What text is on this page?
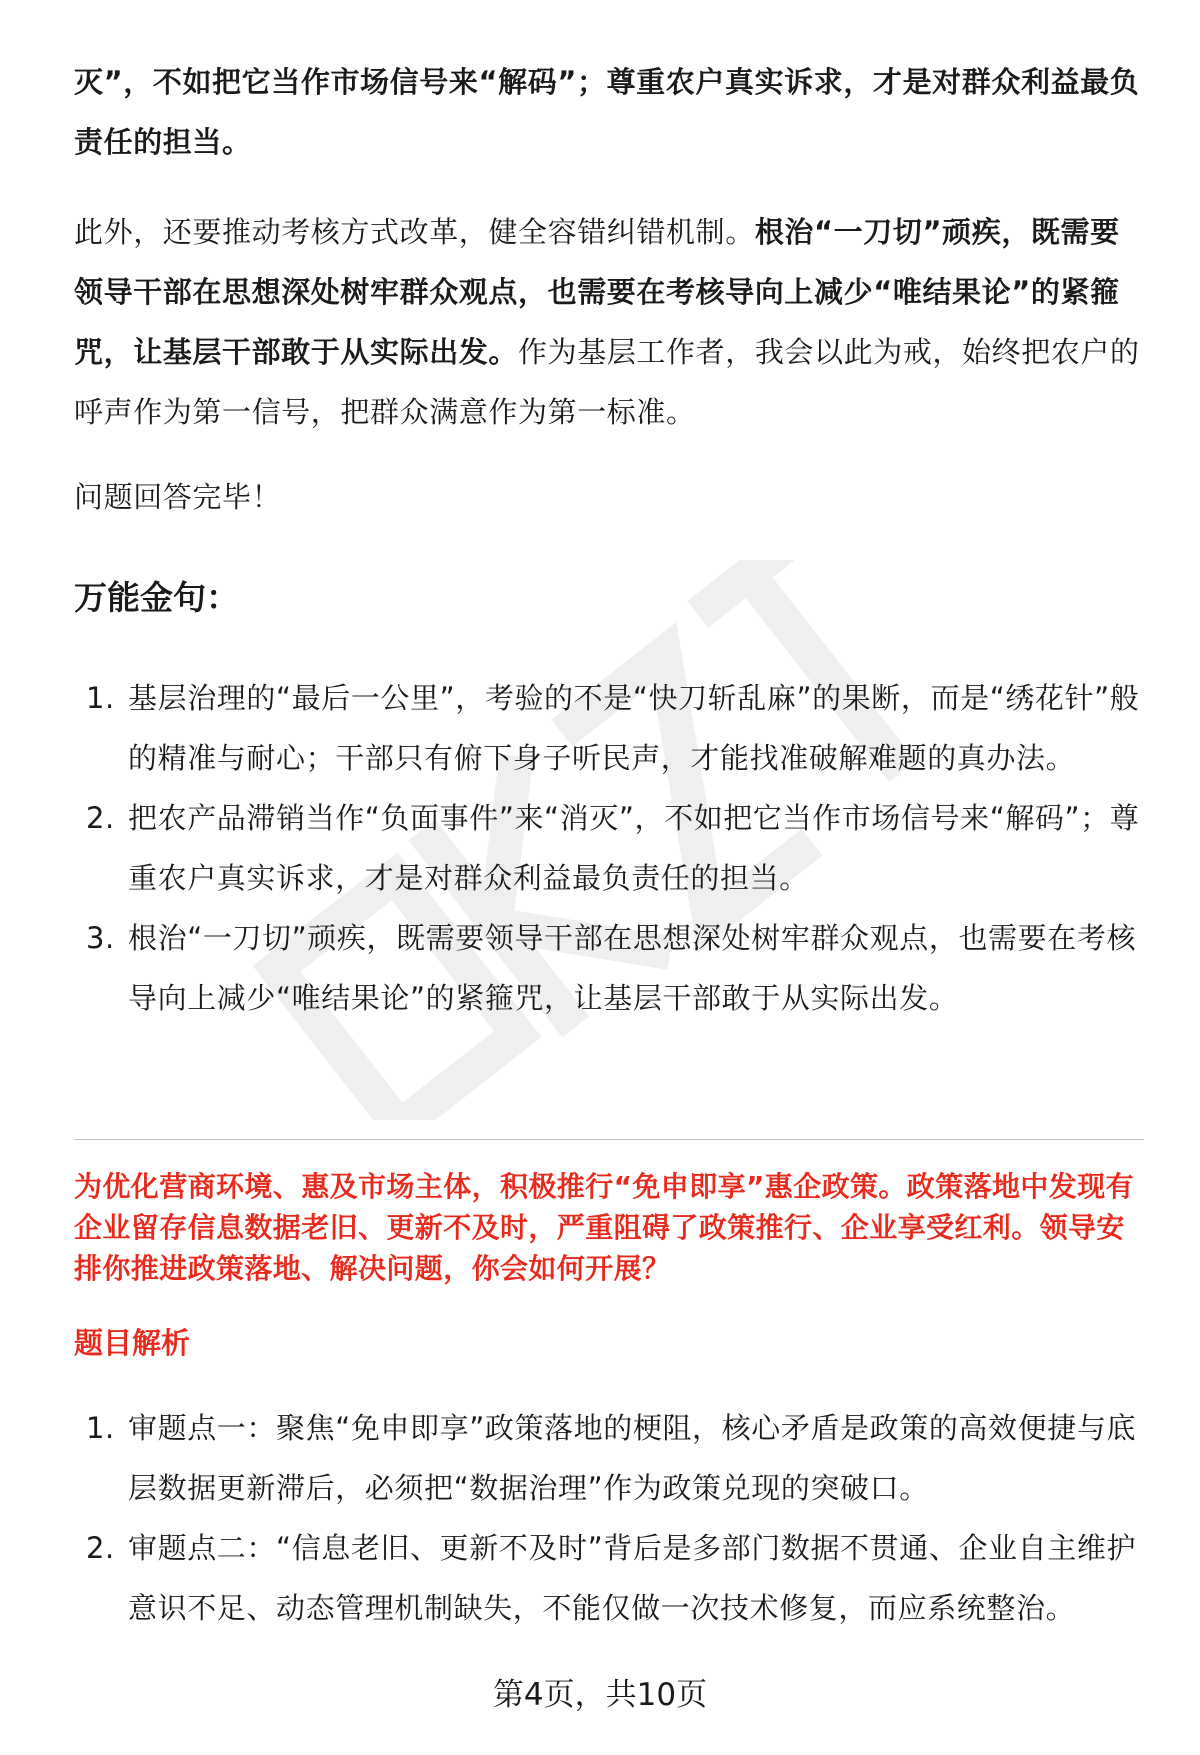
灭”，不如把它当作市场信号来“解码”；尊重农户真实诉求，才是对群众利益最负责任的担当。

此外，还要推动考核方式改革，健全容错纠错机制。根治“一刀切”顽疾，既需要领导干部在思想深处树牢群众观点，也需要在考核导向上减少“唯结果论”的紧箍咒，让基层干部敢于从实际出发。作为基层工作者，我会以此为戒，始终把农户的呼声作为第一信号，把群众满意作为第一标准。

问题回答完毕！

万能金句：
1. 基层治理的“最后一公里”，考验的不是“快刀斩乱麻”的果断，而是“绣花针”般的精准与耐心；干部只有俯下身子听民声，才能找准破解难题的真办法。
2. 把农产品滞销当作“负面事件”来“消灭”，不如把它当作市场信号来“解码”；尊重农户真实诉求，才是对群众利益最负责任的担当。
3. 根治“一刀切”顽疾，既需要领导干部在思想深处树牢群众观点，也需要在考核导向上减少“唯结果论”的紧箍咒，让基层干部敢于从实际出发。

为优化营商环境、惠及市场主体，积极推行“免申即享”惠企政策。政策落地中发现有企业留存信息数据老旧、更新不及时，严重阻碍了政策推行、企业享受红利。领导安排你推进政策落地、解决问题，你会如何开展？

题目解析
1. 审题点一：聚焦“免申即享”政策落地的梗阻，核心矛盾是政策的高效便捷与底层数据更新滞后，必须把“数据治理”作为政策兑现的突破口。
2. 审题点二：“信息老旧、更新不及时”背后是多部门数据不贯通、企业自主维护意识不足、动态管理机制缺失，不能仅做一次技术修复，而应系统整治。
第4页，共10页
